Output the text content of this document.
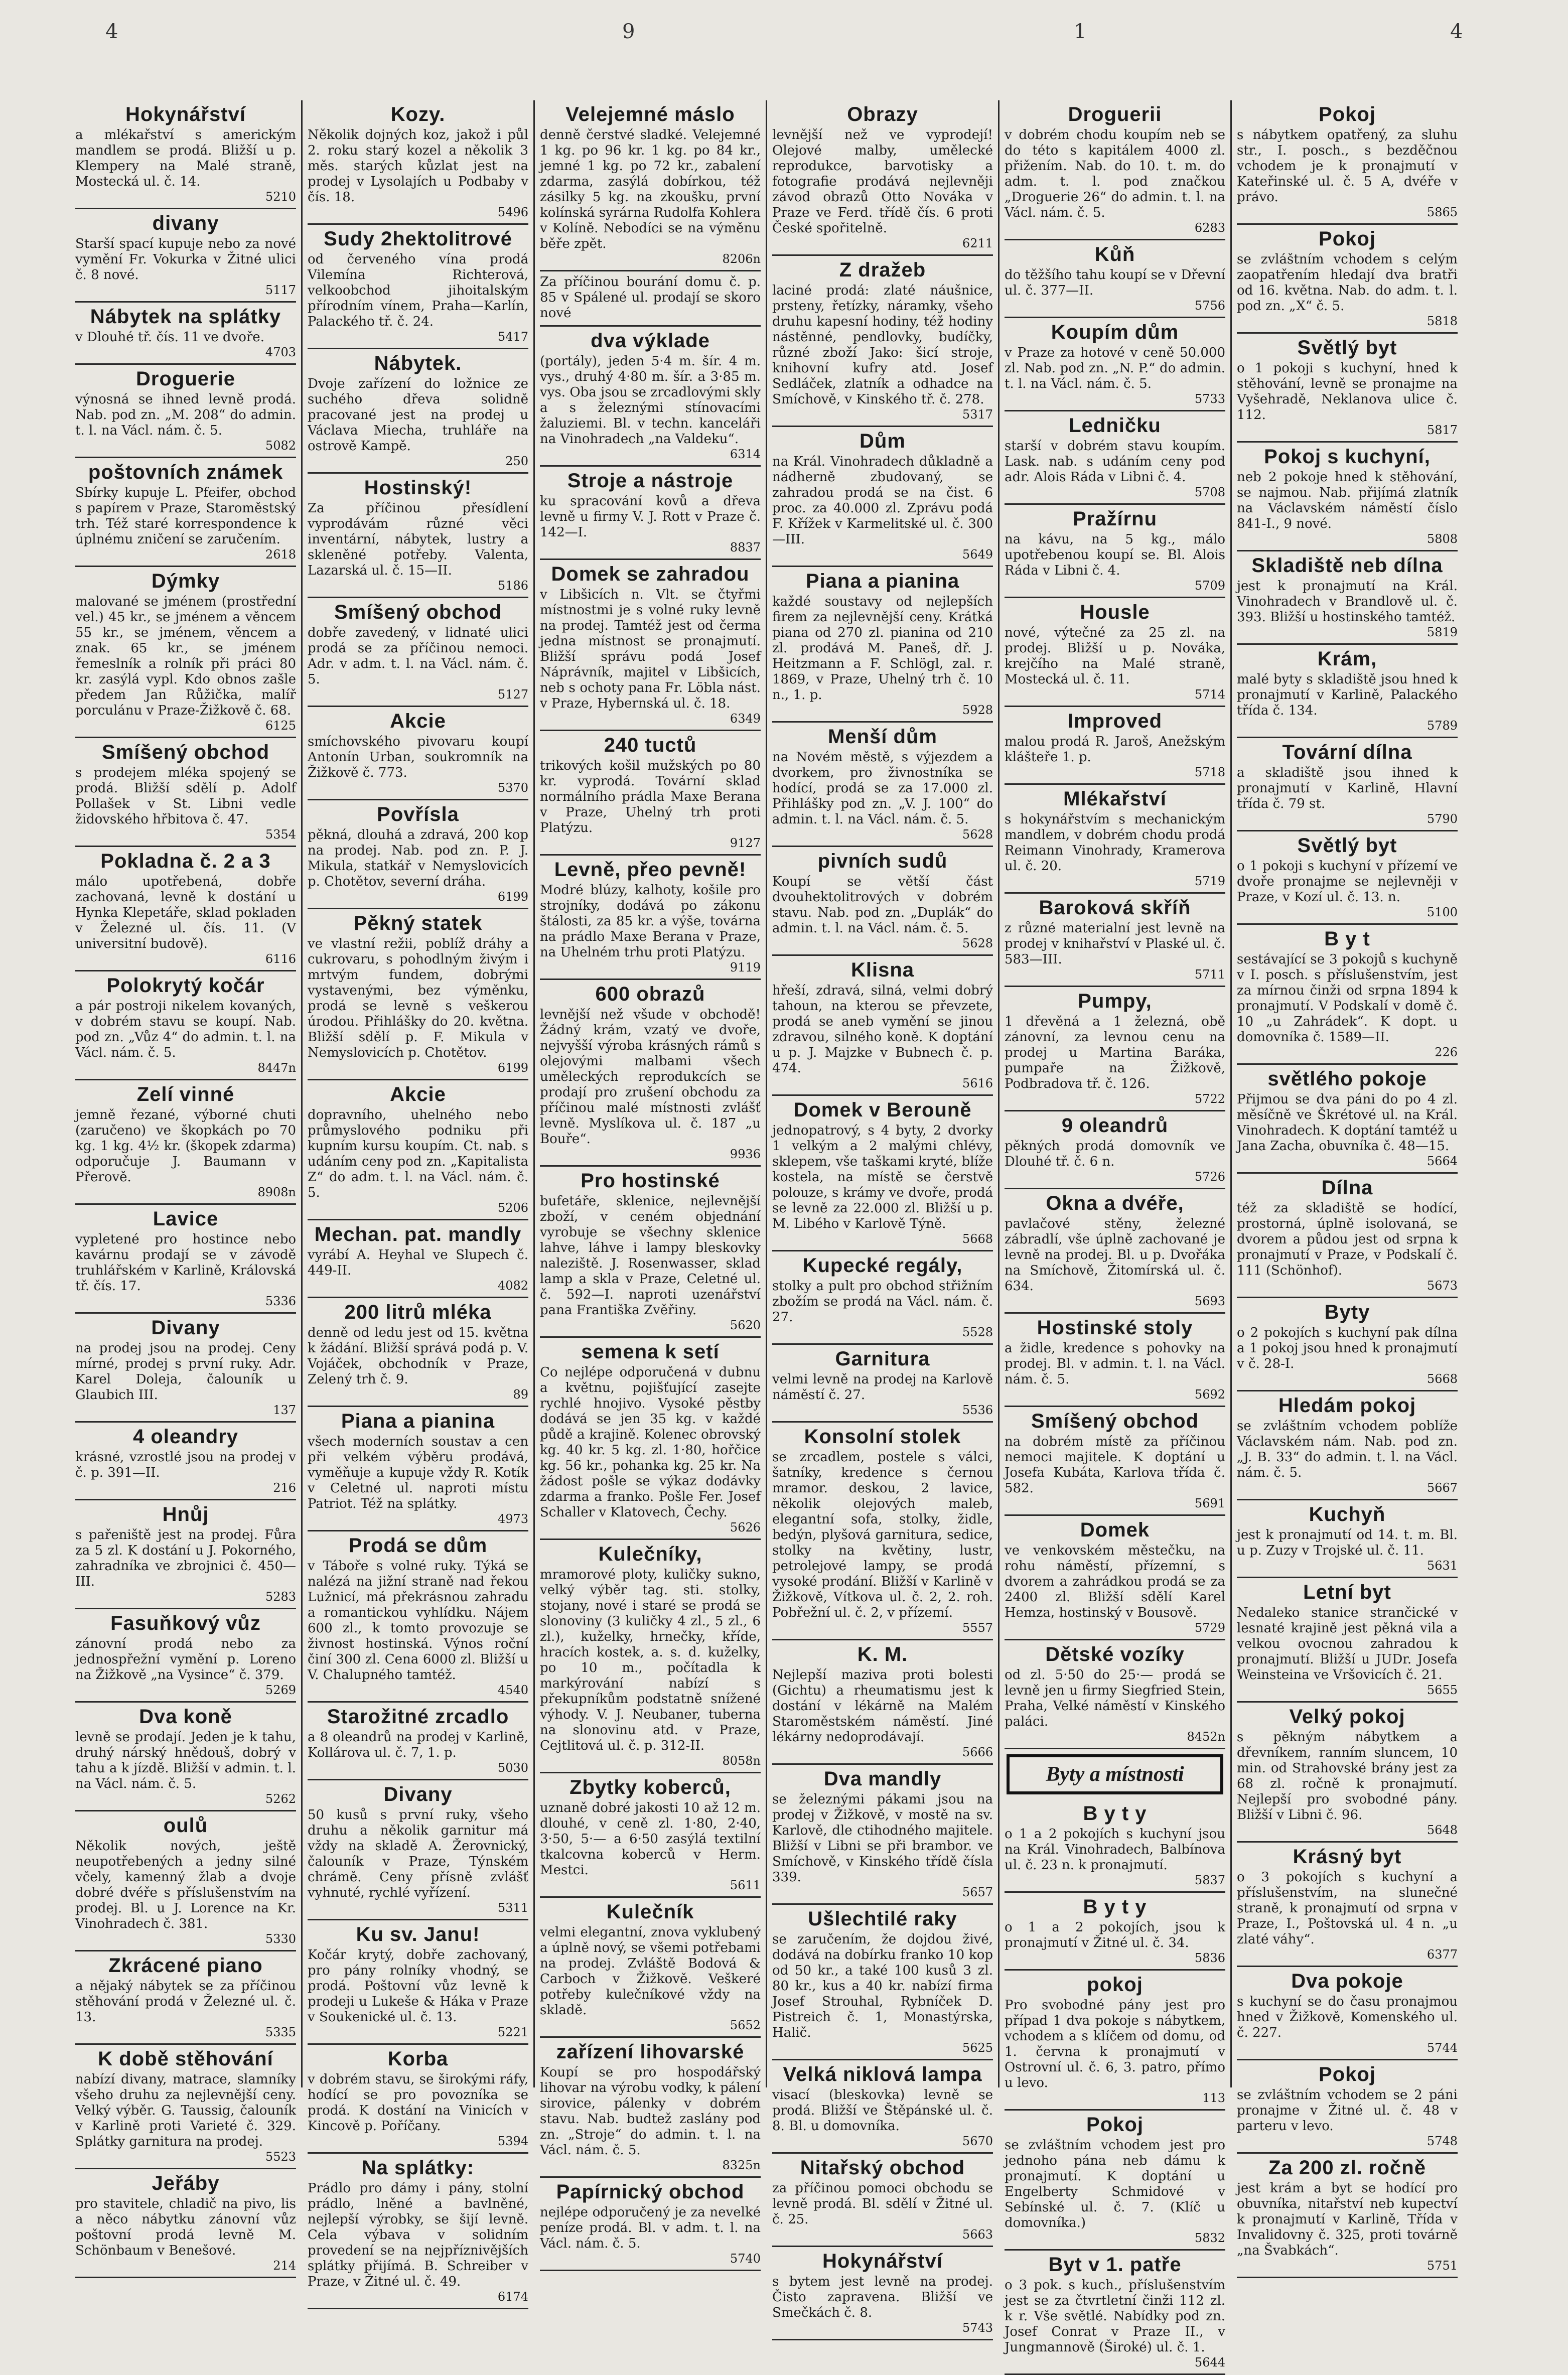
4	9	1	4
Hokynářství

a mlékařství s americkým mandlem se prodá. Bližší u p. Klempery na Malé straně, Mostecká ul. č. 14.

5210
divany

Starší spací kupuje nebo za nové vymění Fr. Vokurka v Žitné ulici č. 8 nové.

5117
Nábytek na splátky

v Dlouhé tř. čís. 11 ve dvoře.

4703
Droguerie

výnosná se ihned levně prodá. Nab. pod zn. „M. 208“ do admin. t. l. na Václ. nám. č. 5.

5082
poštovních známek

Sbírky kupuje L. Pfeifer, obchod s papírem v Praze, Staroměstský trh. Též staré korrespondence k úplnému zničení se zaručením.

2618
Dýmky

malované se jménem (prostřední vel.) 45 kr., se jménem a věncem 55 kr., se jménem, věncem a znak. 65 kr., se jménem řemeslník a rolník při práci 80 kr. zasýlá vypl. Kdo obnos zašle předem Jan Růžička, malíř porculánu v Praze-Žižkově č. 68.

6125
Smíšený obchod

s prodejem mléka spojený se prodá. Bližší sdělí p. Adolf Pollašek v St. Libni vedle židovského hřbitova č. 47.

5354
Pokladna č. 2 a 3

málo upotřebená, dobře zachovaná, levně k dostání u Hynka Klepetáře, sklad pokladen v Železné ul. čís. 11. (V universitní budově).

6116
Polokrytý kočár

a pár postroji nikelem kovaných, v dobrém stavu se koupí. Nab. pod zn. „Vůz 4“ do admin. t. l. na Václ. nám. č. 5.

8447n
Zelí vinné

jemně řezané, výborné chuti (zaručeno) ve škopkách po 70 kg. 1 kg. 4½ kr. (škopek zdarma) odporučuje J. Baumann v Přerově.

8908n
Lavice

vypletené pro hostince nebo kavárnu prodají se v závodě truhlářském v Karlině, Královská tř. čís. 17.

5336
Divany

na prodej jsou na prodej. Ceny mírné, prodej s první ruky. Adr. Karel Doleja, čalouník u Glaubich III.

137
4 oleandry

krásné, vzrostlé jsou na prodej v č. p. 391—II.

216
Hnůj

s pařeniště jest na prodej. Fůra za 5 zl. K dostání u J. Pokorného, zahradníka ve zbrojnici č. 450—III.

5283
Fasuňkový vůz

zánovní prodá nebo za jednospřežní vymění p. Loreno na Žižkově „na Vysince“ č. 379.

5269
Dva koně

levně se prodají. Jeden je k tahu, druhý nárský hnědouš, dobrý v tahu a k jízdě. Bližší v admin. t. l. na Václ. nám. č. 5.

5262
oulů

Několik nových, ještě neupotřebených a jedny silné včely, kamenný žlab a dvoje dobré dvéře s příslušenstvím na prodej. Bl. u J. Lorence na Kr. Vinohradech č. 381.

5330
Zkrácené piano

a nějaký nábytek se za příčinou stěhování prodá v Železné ul. č. 13.

5335
K době stěhování

nabízí divany, matrace, slamníky všeho druhu za nejlevnější ceny. Velký výběr. G. Taussig, čalouník v Karlině proti Varieté č. 329. Splátky garnitura na prodej.

5523
Jeřáby

pro stavitele, chladič na pivo, lis a něco nábytku zánovní vůz poštovní prodá levně M. Schönbaum v Benešové.

214
Kozy.

Několik dojných koz, jakož i půl 2. roku starý kozel a několik 3 měs. starých kůzlat jest na prodej v Lysolajích u Podbaby v čís. 18.

5496
Sudy 2hektolitrové

od červeného vína prodá Vilemína Richterová, velkoobchod jihoitalským přírodním vínem, Praha—Karlín, Palackého tř. č. 24.

5417
Nábytek.

Dvoje zařízení do ložnice ze suchého dřeva solidně pracované jest na prodej u Václava Miecha, truhláře na ostrově Kampě.

250
Hostinský!

Za příčinou přesídlení vyprodávám různé věci inventární, nábytek, lustry a skleněné potřeby. Valenta, Lazarská ul. č. 15—II.

5186
Smíšený obchod

dobře zavedený, v lidnaté ulici prodá se za příčinou nemoci. Adr. v adm. t. l. na Václ. nám. č. 5.

5127
Akcie

smíchovského pivovaru koupí Antonín Urban, soukromník na Žižkově č. 773.

5370
Povřísla

pěkná, dlouhá a zdravá, 200 kop na prodej. Nab. pod zn. P. J. Mikula, statkář v Nemyslovicích p. Chotětov, severní dráha.

6199
Pěkný statek

ve vlastní režii, poblíž dráhy a cukrovaru, s pohodlným živým i mrtvým fundem, dobrými vystavenými, bez výměnku, prodá se levně s veškerou úrodou. Přihlášky do 20. května. Bližší sdělí p. F. Mikula v Nemyslovicích p. Chotětov.

6199
Akcie

dopravního, uhelného nebo průmyslového podniku při kupním kursu koupím. Ct. nab. s udáním ceny pod zn. „Kapitalista Z“ do adm. t. l. na Václ. nám. č. 5.

5206
Mechan. pat. mandly

vyrábí A. Heyhal ve Slupech č. 449-II.

4082
200 litrů mléka

denně od ledu jest od 15. května k žádání. Bližší správá podá p. V. Vojáček, obchodník v Praze, Zelený trh č. 9.

89
Piana a pianina

všech moderních soustav a cen při velkém výběru prodává, vyměňuje a kupuje vždy R. Kotík v Celetné ul. naproti místu Patriot. Též na splátky.

4973
Prodá se dům

v Táboře s volné ruky. Týká se nalézá na jižní straně nad řekou Lužnicí, má překrásnou zahradu a romantickou vyhlídku. Nájem 600 zl., k tomto provozuje se živnost hostinská. Výnos roční činí 300 zl. Cena 6000 zl. Bližší u V. Chalupného tamtéž.

4540
Starožitné zrcadlo

a 8 oleandrů na prodej v Karlině, Kollárova ul. č. 7, 1. p.

5030
Divany

50 kusů s první ruky, všeho druhu a několik garnitur má vždy na skladě A. Žerovnický, čalouník v Praze, Týnském chrámě. Ceny přísně zvlášť vyhnuté, rychlé vyřízení.

5311
Ku sv. Janu!

Kočár krytý, dobře zachovaný, pro pány rolníky vhodný, se prodá. Poštovní vůz levně k prodeji u Lukeše & Háka v Praze v Soukenické ul. č. 13.

5221
Korba

v dobrém stavu, se širokými ráfy, hodící se pro povozníka se prodá. K dostání na Vinicích v Kincově p. Poříčany.

5394
Na splátky:

Prádlo pro dámy i pány, stolní prádlo, lněné a bavlněné, nejlepší výrobky, se šijí levně. Cela výbava v solidním provedení se na nejpříznivějších splátky přijímá. B. Schreiber v Praze, v Žitné ul. č. 49.

6174
Velejemné máslo

denně čerstvé sladké. Velejemné 1 kg. po 96 kr. 1 kg. po 84 kr., jemné 1 kg. po 72 kr., zabalení zdarma, zasýlá dobírkou, též zásilky 5 kg. na zkoušku, první kolínská syrárna Rudolfa Kohlera v Kolíně. Nebodíci se na výměnu běře zpět.

8206n

Za příčinou bourání domu č. p. 85 v Spálené ul. prodají se skoro nové

dva výklade

(portály), jeden 5·4 m. šír. 4 m. vys., druhý 4·80 m. šír. a 3·85 m. vys. Oba jsou se zrcadlovými skly a s železnými stínovacími žaluziemi. Bl. v techn. kanceláři na Vinohradech „na Valdeku“.

6314
Stroje a nástroje

ku spracování kovů a dřeva levně u firmy V. J. Rott v Praze č. 142—I.

8837
Domek se zahradou

v Libšicích n. Vlt. se čtyřmi místnostmi je s volné ruky levně na prodej. Tamtéž jest od čerma jedna místnost se pronajmutí. Bližší správu podá Josef Náprávník, majitel v Libšicích, neb s ochoty pana Fr. Löbla nást. v Praze, Hybernská ul. č. 18.

6349
240 tuctů

trikových košil mužských po 80 kr. vyprodá. Tovární sklad normálního prádla Maxe Berana v Praze, Uhelný trh proti Platýzu.

9127
Levně, přeo pevně!

Modré blúzy, kalhoty, košile pro strojníky, dodává po zákonu štálosti, za 85 kr. a výše, továrna na prádlo Maxe Berana v Praze, na Uhelném trhu proti Platýzu.

9119
600 obrazů

levnější než všude v obchodě! Žádný krám, vzatý ve dvoře, nejvyšší výroba krásných rámů s olejovými malbami všech uměleckých reprodukcích se prodají pro zrušení obchodu za příčinou malé místnosti zvlášť levně. Myslíkova ul. č. 187 „u Bouře“.

9936
Pro hostinské

bufetáře, sklenice, nejlevnější zboží, v ceném objednání vyrobuje se všechny sklenice lahve, láhve i lampy bleskovky naleziště. J. Rosenwasser, sklad lamp a skla v Praze, Celetné ul. č. 592—I. naproti uzenářství pana Františka Zvěřiny.

5620
semena k setí

Co nejlépe odporučená v dubnu a květnu, pojišťující zasejte rychlé hnojivo. Vysoké pěstby dodává se jen 35 kg. v každé půdě a krajině. Kolenec obrovský kg. 40 kr. 5 kg. zl. 1·80, hořčice kg. 56 kr., pohanka kg. 25 kr. Na žádost pošle se výkaz dodávky zdarma a franko. Pošle Fer. Josef Schaller v Klatovech, Čechy.

5626
Kulečníky,

mramorové ploty, kuličky sukno, velký výběr tag. sti. stolky, stojany, nové i staré se prodá se slonoviny (3 kuličky 4 zl., 5 zl., 6 zl.), kuželky, hrnečky, kříde, hracích kostek, a. s. d. kuželky, po 10 m., počítadla k markýrování nabízí s překupníkům podstatně snížené výhody. V. J. Neubaner, tuberna na slonovinu atd. v Praze, Cejtlitová ul. č. p. 312-II.

8058n
Zbytky koberců,

uznaně dobré jakosti 10 až 12 m. dlouhé, v ceně zl. 1·80, 2·40, 3·50, 5·— a 6·50 zasýlá textilní tkalcovna koberců v Herm. Mestci.

5611
Kulečník

velmi elegantní, znova vyklubený a úplně nový, se všemi potřebami na prodej. Zvláště Bodová & Carboch v Žižkově. Veškeré potřeby kulečníkové vždy na skladě.

5652
zařízení lihovarské

Koupí se pro hospodářský lihovar na výrobu vodky, k pálení sirovice, pálenky v dobrém stavu. Nab. budtež zaslány pod zn. „Stroje“ do admin. t. l. na Václ. nám. č. 5.

8325n
Papírnický obchod

nejlépe odporučený je za nevelké peníze prodá. Bl. v adm. t. l. na Václ. nám. č. 5.

5740
Obrazy

levnější než ve vyprodejí! Olejové malby, umělecké reprodukce, barvotisky a fotografie prodává nejlevněji závod obrazů Otto Nováka v Praze ve Ferd. třídě čís. 6 proti České spořitelně.

6211
Z dražeb

laciné prodá: zlaté náušnice, prsteny, řetízky, náramky, všeho druhu kapesní hodiny, též hodiny nástěnné, pendlovky, budíčky, různé zboží Jako: šicí stroje, knihovní kufry atd. Josef Sedláček, zlatník a odhadce na Smíchově, v Kinského tř. č. 278.

5317
Dům

na Král. Vinohradech důkladně a nádherně zbudovaný, se zahradou prodá se na čist. 6 proc. za 40.000 zl. Zprávu podá F. Křížek v Karmelitské ul. č. 300—III.

5649
Piana a pianina

každé soustavy od nejlepších firem za nejlevnější ceny. Krátká piana od 270 zl. pianina od 210 zl. prodává M. Paneš, dř. J. Heitzmann a F. Schlögl, zal. r. 1869, v Praze, Uhelný trh č. 10 n., 1. p.

5928
Menší dům

na Novém městě, s výjezdem a dvorkem, pro živnostníka se hodící, prodá se za 17.000 zl. Přihlášky pod zn. „V. J. 100“ do admin. t. l. na Václ. nám. č. 5.

5628
pivních sudů

Koupí se větší část dvouhektolitrových v dobrém stavu. Nab. pod zn. „Duplák“ do admin. t. l. na Václ. nám. č. 5.

5628
Klisna

hřeší, zdravá, silná, velmi dobrý tahoun, na kterou se převzete, prodá se aneb vymění se jinou zdravou, silného koně. K doptání u p. J. Majzke v Bubnech č. p. 474.

5616
Domek v Berouně

jednopatrový, s 4 byty, 2 dvorky 1 velkým a 2 malými chlévy, sklepem, vše taškami kryté, blíže kostela, na místě se čerstvě polouze, s krámy ve dvoře, prodá se levně za 22.000 zl. Bližší u p. M. Libého v Karlově Týně.

5668
Kupecké regály,

stolky a pult pro obchod střižním zbožím se prodá na Václ. nám. č. 27.

5528
Garnitura

velmi levně na prodej na Karlově náměstí č. 27.

5536
Konsolní stolek

se zrcadlem, postele s válci, šatníky, kredence s černou mramor. deskou, 2 lavice, několik olejových maleb, elegantní sofa, stolky, židle, bedýn, plyšová garnitura, sedice, stolky na květiny, lustr, petrolejové lampy, se prodá vysoké prodání. Bližší v Karlině v Žižkově, Vítkova ul. č. 2, 2. roh. Pobřežní ul. č. 2, v přízemí.

5557
K. M.

Nejlepší maziva proti bolesti (Gichtu) a rheumatismu jest k dostání v lékárně na Malém Staroměstském náměstí. Jiné lékárny nedoprodávají.

5666
Dva mandly

se železnými pákami jsou na prodej v Žižkově, v mostě na sv. Karlově, dle ctihodného majitele. Bližší v Libni se při brambor. ve Smíchově, v Kinského třídě čísla 339.

5657
Ušlechtilé raky

se zaručením, že dojdou živé, dodává na dobírku franko 10 kop od 50 kr., a také 100 kusů 3 zl. 80 kr., kus a 40 kr. nabízí firma Josef Strouhal, Rybníček D. Pistreich č. 1, Monastýrska, Halič.

5625
Velká niklová lampa

visací (bleskovka) levně se prodá. Bližší ve Štěpánské ul. č. 8. Bl. u domovníka.

5670
Nitařský obchod

za příčinou pomoci obchodu se levně prodá. Bl. sdělí v Žitné ul. č. 25.

5663
Hokynářství

s bytem jest levně na prodej. Čisto zapravena. Bližší ve Smečkách č. 8.

5743
Droguerii

v dobrém chodu koupím neb se do této s kapitálem 4000 zl. přižením. Nab. do 10. t. m. do adm. t. l. pod značkou „Droguerie 26“ do admin. t. l. na Václ. nám. č. 5.

6283
Kůň

do těžšího tahu koupí se v Dřevní ul. č. 377—II.

5756
Koupím dům

v Praze za hotové v ceně 50.000 zl. Nab. pod zn. „N. P.“ do admin. t. l. na Václ. nám. č. 5.

5733
Ledničku

starší v dobrém stavu koupím. Lask. nab. s udáním ceny pod adr. Alois Ráda v Libni č. 4.

5708
Pražírnu

na kávu, na 5 kg., málo upotřebenou koupí se. Bl. Alois Ráda v Libni č. 4.

5709
Housle

nové, výtečné za 25 zl. na prodej. Bližší u p. Nováka, krejčího na Malé straně, Mostecká ul. č. 11.

5714
Improved

malou prodá R. Jaroš, Anežským klášteře 1. p.

5718
Mlékařství

s hokynářstvím s mechanickým mandlem, v dobrém chodu prodá Reimann Vinohrady, Kramerova ul. č. 20.

5719
Baroková skříň

z různé materialní jest levně na prodej v knihařství v Plaské ul. č. 583—III.

5711
Pumpy,

1 dřevěná a 1 železná, obě zánovní, za levnou cenu na prodej u Martina Baráka, pumpaře na Žižkově, Podbradova tř. č. 126.

5722
9 oleandrů

pěkných prodá domovník ve Dlouhé tř. č. 6 n.

5726
Okna a dvéře,

pavlačové stěny, železné zábradlí, vše úplně zachované je levně na prodej. Bl. u p. Dvořáka na Smíchově, Žitomírská ul. č. 634.

5693
Hostinské stoly

a židle, kredence s pohovky na prodej. Bl. v admin. t. l. na Václ. nám. č. 5.

5692
Smíšený obchod

na dobrém místě za příčinou nemoci majitele. K doptání u Josefa Kubáta, Karlova třída č. 582.

5691
Domek

ve venkovském městečku, na rohu náměstí, přízemní, s dvorem a zahrádkou prodá se za 2400 zl. Bližší sdělí Karel Hemza, hostinský v Bousově.

5729
Dětské vozíky

od zl. 5·50 do 25·— prodá se levně jen u firmy Siegfried Stein, Praha, Velké náměstí v Kinského paláci.

8452n
Byty a místnosti
B y t y

o 1 a 2 pokojích s kuchyní jsou na Král. Vinohradech, Balbínova ul. č. 23 n. k pronajmutí.

5837
B y t y

o 1 a 2 pokojích, jsou k pronajmutí v Žitné ul. č. 34.

5836
pokoj

Pro svobodné pány jest pro případ 1 dva pokoje s nábytkem, vchodem a s klíčem od domu, od 1. června k pronajmutí v Ostrovní ul. č. 6, 3. patro, přímo u levo.

113
Pokoj

se zvláštním vchodem jest pro jednoho pána neb dámu k pronajmutí. K doptání u Engelberty Schmidové v Sebínské ul. č. 7. (Klíč u domovníka.)

5832
Byt v 1. patře

o 3 pok. s kuch., příslušenstvím jest se za čtvrtletní činži 112 zl. k r. Vše světlé. Nabídky pod zn. Josef Conrat v Praze II., v Jungmannově (Široké) ul. č. 1.

5644
Pokoj

s nábytkem opatřený, za sluhu str., I. posch., s bezděčnou vchodem je k pronajmutí v Kateřinské ul. č. 5 A, dvéře v právo.

5865
Pokoj

se zvláštním vchodem s celým zaopatřením hledají dva bratři od 16. května. Nab. do adm. t. l. pod zn. „X“ č. 5.

5818
Světlý byt

o 1 pokoji s kuchyní, hned k stěhování, levně se pronajme na Vyšehradě, Neklanova ulice č. 112.

5817
Pokoj s kuchyní,

neb 2 pokoje hned k stěhování, se najmou. Nab. přijímá zlatník na Václavském náměstí číslo 841-I., 9 nové.

5808
Skladiště neb dílna

jest k pronajmutí na Král. Vinohradech v Brandlově ul. č. 393. Bližší u hostinského tamtéž.

5819
Krám,

malé byty s skladiště jsou hned k pronajmutí v Karlině, Palackého třída č. 134.

5789
Tovární dílna

a skladiště jsou ihned k pronajmutí v Karlině, Hlavní třída č. 79 st.

5790
Světlý byt

o 1 pokoji s kuchyní v přízemí ve dvoře pronajme se nejlevněji v Praze, v Kozí ul. č. 13. n.

5100
B y t

sestávající se 3 pokojů s kuchyně v I. posch. s příslušenstvím, jest za mírnou činži od srpna 1894 k pronajmutí. V Podskalí v domě č. 10 „u Zahrádek“. K dopt. u domovníka č. 1589—II.

226
světlého pokoje

Přijmou se dva páni do po 4 zl. měsíčně ve Škrétové ul. na Král. Vinohradech. K doptání tamtéž u Jana Zacha, obuvníka č. 48—15.

5664
Dílna

též za skladiště se hodící, prostorná, úplně isolovaná, se dvorem a půdou jest od srpna k pronajmutí v Praze, v Podskalí č. 111 (Schönhof).

5673
Byty

o 2 pokojích s kuchyní pak dílna a 1 pokoj jsou hned k pronajmutí v č. 28-I.

5668
Hledám pokoj

se zvláštním vchodem poblíže Václavském nám. Nab. pod zn. „J. B. 33“ do admin. t. l. na Václ. nám. č. 5.

5667
Kuchyň

jest k pronajmutí od 14. t. m. Bl. u p. Zuzy v Trojské ul. č. 11.

5631
Letní byt

Nedaleko stanice strančické v lesnaté krajině jest pěkná vila a velkou ovocnou zahradou k pronajmutí. Bližší u JUDr. Josefa Weinsteina ve Vršovicích č. 21.

5655
Velký pokoj

s pěkným nábytkem a dřevníkem, ranním sluncem, 10 min. od Strahovské brány jest za 68 zl. ročně k pronajmutí. Nejlepší pro svobodné pány. Bližší v Libni č. 96.

5648
Krásný byt

o 3 pokojích s kuchyní a příslušenstvím, na slunečné straně, k pronajmutí od srpna v Praze, I., Poštovská ul. 4 n. „u zlaté váhy“.

6377
Dva pokoje

s kuchyní se do času pronajmou hned v Žižkově, Komenského ul. č. 227.

5744
Pokoj

se zvláštním vchodem se 2 páni pronajme v Žitné ul. č. 48 v parteru v levo.

5748
Za 200 zl. ročně

jest krám a byt se hodící pro obuvníka, nitařství neb kupectví k pronajmutí v Karlině, Třída v Invalidovny č. 325, proti továrně „na Švabkách“.

5751
